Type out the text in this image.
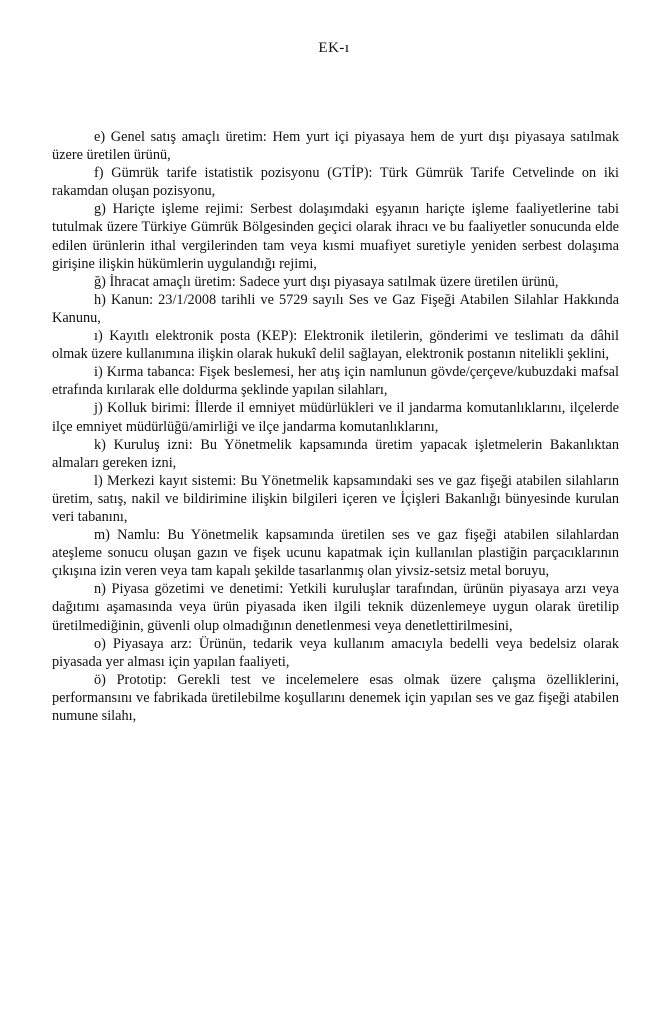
EK-ı

e) Genel satış amaçlı üretim: Hem yurt içi piyasaya hem de yurt dışı piyasaya satılmak üzere üretilen ürünü,

f) Gümrük tarife istatistik pozisyonu (GTİP): Türk Gümrük Tarife Cetvelinde on iki rakamdan oluşan pozisyonu,

g) Hariçte işleme rejimi: Serbest dolaşımdaki eşyanın hariçte işleme faaliyetlerine tabi tutulmak üzere Türkiye Gümrük Bölgesinden geçici olarak ihracı ve bu faaliyetler sonucunda elde edilen ürünlerin ithal vergilerinden tam veya kısmi muafiyet suretiyle yeniden serbest dolaşıma girişine ilişkin hükümlerin uygulandığı rejimi,

ğ) İhracat amaçlı üretim: Sadece yurt dışı piyasaya satılmak üzere üretilen ürünü,

h) Kanun: 23/1/2008 tarihli ve 5729 sayılı Ses ve Gaz Fişeği Atabilen Silahlar Hakkında Kanunu,

ı) Kayıtlı elektronik posta (KEP): Elektronik iletilerin, gönderimi ve teslimatı da dâhil olmak üzere kullanımına ilişkin olarak hukukî delil sağlayan, elektronik postanın nitelikli şeklini,

i) Kırma tabanca: Fişek beslemesi, her atış için namlunun gövde/çerçeve/kubuzdaki mafsal etrafında kırılarak elle doldurma şeklinde yapılan silahları,

j) Kolluk birimi: İllerde il emniyet müdürlükleri ve il jandarma komutanlıklarını, ilçelerde ilçe emniyet müdürlüğü/amirliği ve ilçe jandarma komutanlıklarını,

k) Kuruluş izni: Bu Yönetmelik kapsamında üretim yapacak işletmelerin Bakanlıktan almaları gereken izni,

l) Merkezi kayıt sistemi: Bu Yönetmelik kapsamındaki ses ve gaz fişeği atabilen silahların üretim, satış, nakil ve bildirimine ilişkin bilgileri içeren ve İçişleri Bakanlığı bünyesinde kurulan veri tabanını,

m) Namlu: Bu Yönetmelik kapsamında üretilen ses ve gaz fişeği atabilen silahlardan ateşleme sonucu oluşan gazın ve fişek ucunu kapatmak için kullanılan plastiğin parçacıklarının çıkışına izin veren veya tam kapalı şekilde tasarlanmış olan yivsiz-setsiz metal boruyu,

n) Piyasa gözetimi ve denetimi: Yetkili kuruluşlar tarafından, ürünün piyasaya arzı veya dağıtımı aşamasında veya ürün piyasada iken ilgili teknik düzenlemeye uygun olarak üretilip üretilmediğinin, güvenli olup olmadığının denetlenmesi veya denetlettirilmesini,

o) Piyasaya arz: Ürünün, tedarik veya kullanım amacıyla bedelli veya bedelsiz olarak piyasada yer alması için yapılan faaliyeti,

ö) Prototip: Gerekli test ve incelemelere esas olmak üzere çalışma özelliklerini, performansını ve fabrikada üretilebilme koşullarını denemek için yapılan ses ve gaz fişeği atabilen numune silahı,
